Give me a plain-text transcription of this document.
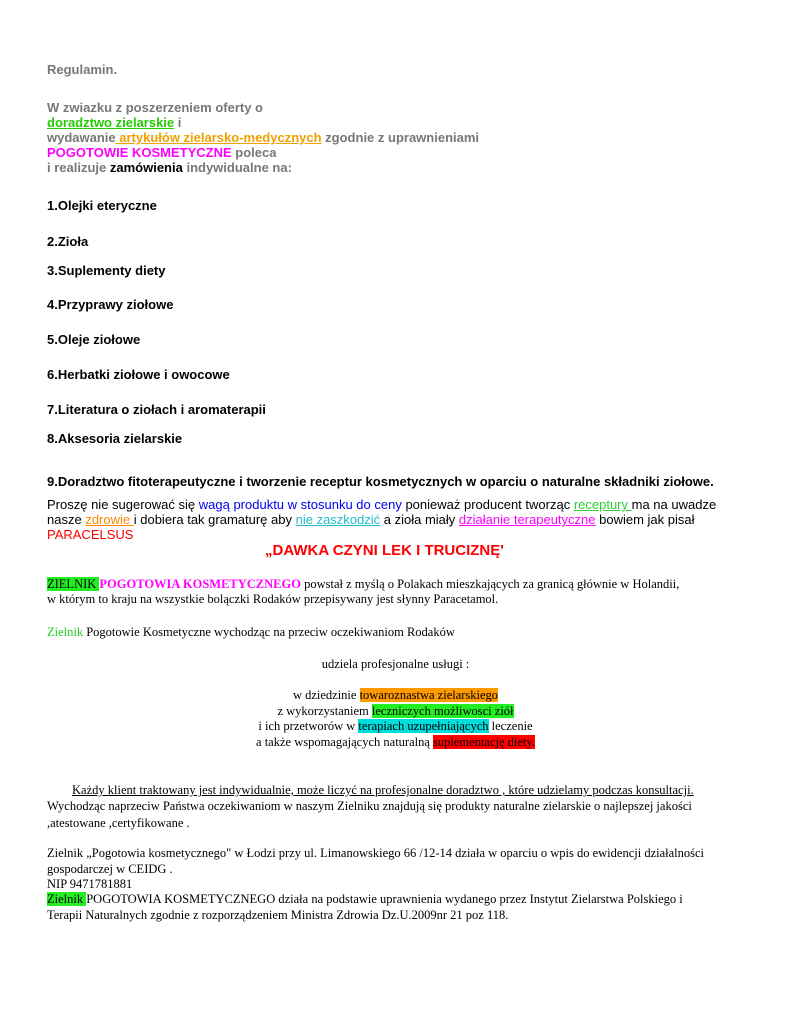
Regulamin.
W zwiazku z poszerzeniem oferty o
doradztwo zielarskie i
wydawanie artykułów zielarsko-medycznych zgodnie z uprawnieniami
POGOTOWIE KOSMETYCZNE poleca
i realizuje zamówienia indywidualne na:
1.Olejki eteryczne
2.Zioła
3.Suplementy diety
4.Przyprawy ziołowe
5.Oleje ziołowe
6.Herbatki ziołowe i owocowe
7.Literatura o ziołach i aromaterapii
8.Aksesoria zielarskie
9.Doradztwo fitoterapeutyczne i tworzenie receptur kosmetycznych w oparciu o naturalne składniki ziołowe.
Proszę nie sugerować się wagą produktu w stosunku do ceny ponieważ producent tworząc receptury ma na uwadze
nasze zdrowie i dobiera tak gramaturę aby nie zaszkodzić a zioła miały działanie terapeutyczne bowiem jak pisał
PARACELSUS
„DAWKA CZYNI LEK I TRUCIZNĘ'
ZIELNIK POGOTOWIA KOSMETYCZNEGO powstał z myślą o Polakach mieszkających za granicą głównie w Holandii,
w którym to kraju na wszystkie bolączki Rodaków przepisywany jest słynny Paracetamol.
Zielnik Pogotowie Kosmetyczne wychodząc na przeciw oczekiwaniom Rodaków
udziela profesjonalne usługi :
w dziedzinie towaroznastwa zielarskiego
z wykorzystaniem leczniczych możliwosci ziół
i ich przetworów w terapiach uzupełniających leczenie
a także wspomagających naturalną suplementację diety.
Każdy klient traktowany jest indywidualnie, może liczyć na profesjonalne doradztwo , które udzielamy podczas konsultacji.
Wychodząc naprzeciw Państwa oczekiwaniom w naszym Zielniku znajdują się produkty naturalne zielarskie o najlepszej jakości
,atestowane ,certyfikowane .
Zielnik „Pogotowia kosmetycznego" w Łodzi przy ul. Limanowskiego 66 /12-14 działa w oparciu o wpis do ewidencji działalności
gospodarczej w CEIDG .
NIP 9471781881
Zielnik POGOTOWIA KOSMETYCZNEGO działa na podstawie uprawnienia wydanego przez Instytut Zielarstwa Polskiego i
Terapii Naturalnych zgodnie z rozporządzeniem Ministra Zdrowia Dz.U.2009nr 21 poz 118.
